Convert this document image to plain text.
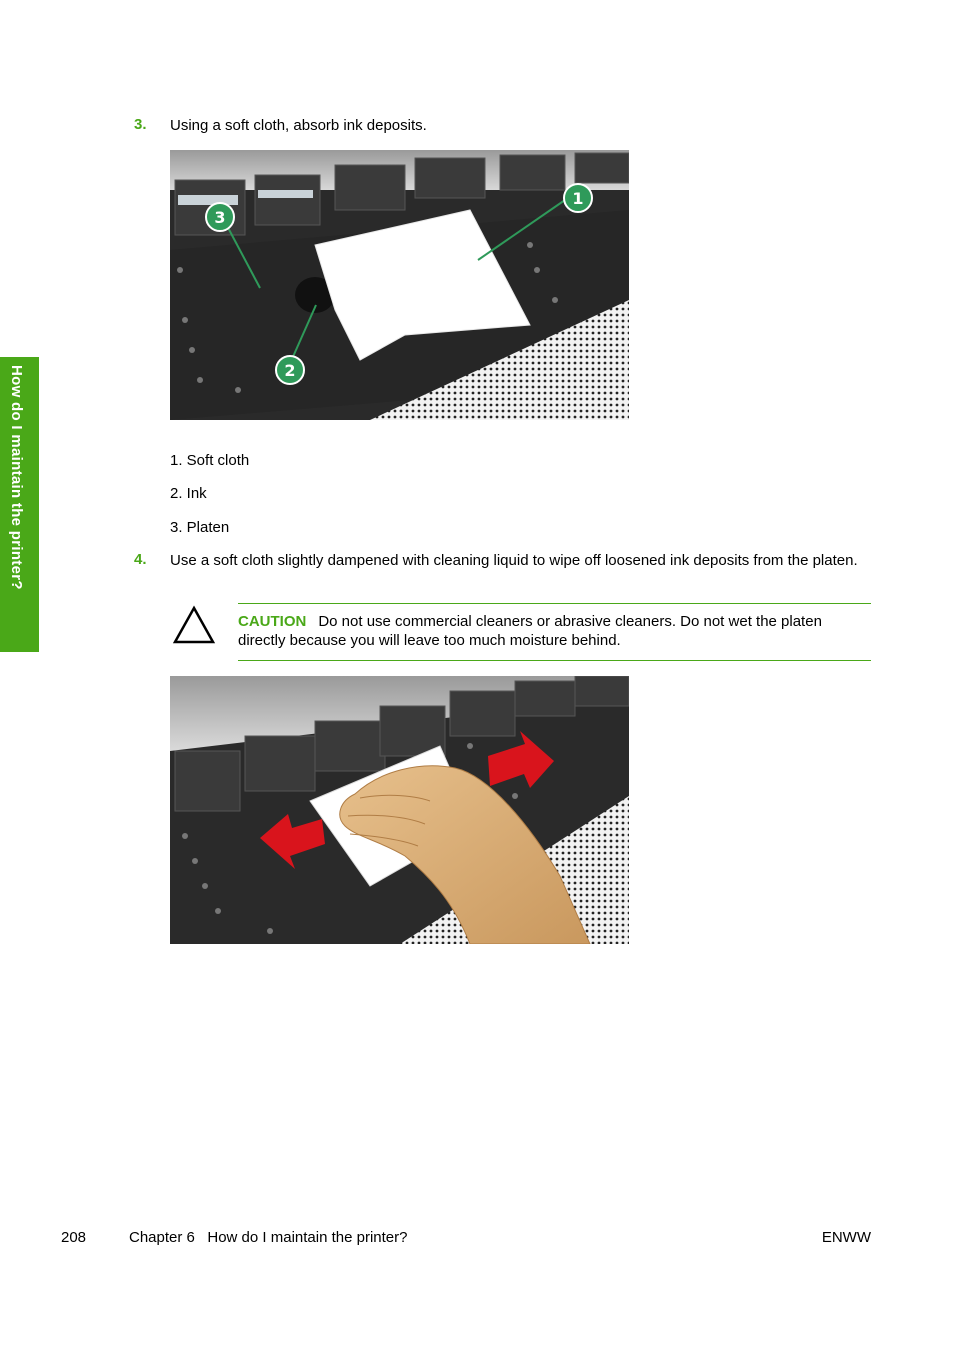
How do I maintain the printer?
3. Using a soft cloth, absorb ink deposits.
1
2
3
1. Soft cloth
2. Ink
3. Platen
4. Use a soft cloth slightly dampened with cleaning liquid to wipe off loosened ink deposits from the platen.
CAUTION Do not use commercial cleaners or abrasive cleaners. Do not wet the platen directly because you will leave too much moisture behind.
208	Chapter 6   How do I maintain the printer?	ENWW
